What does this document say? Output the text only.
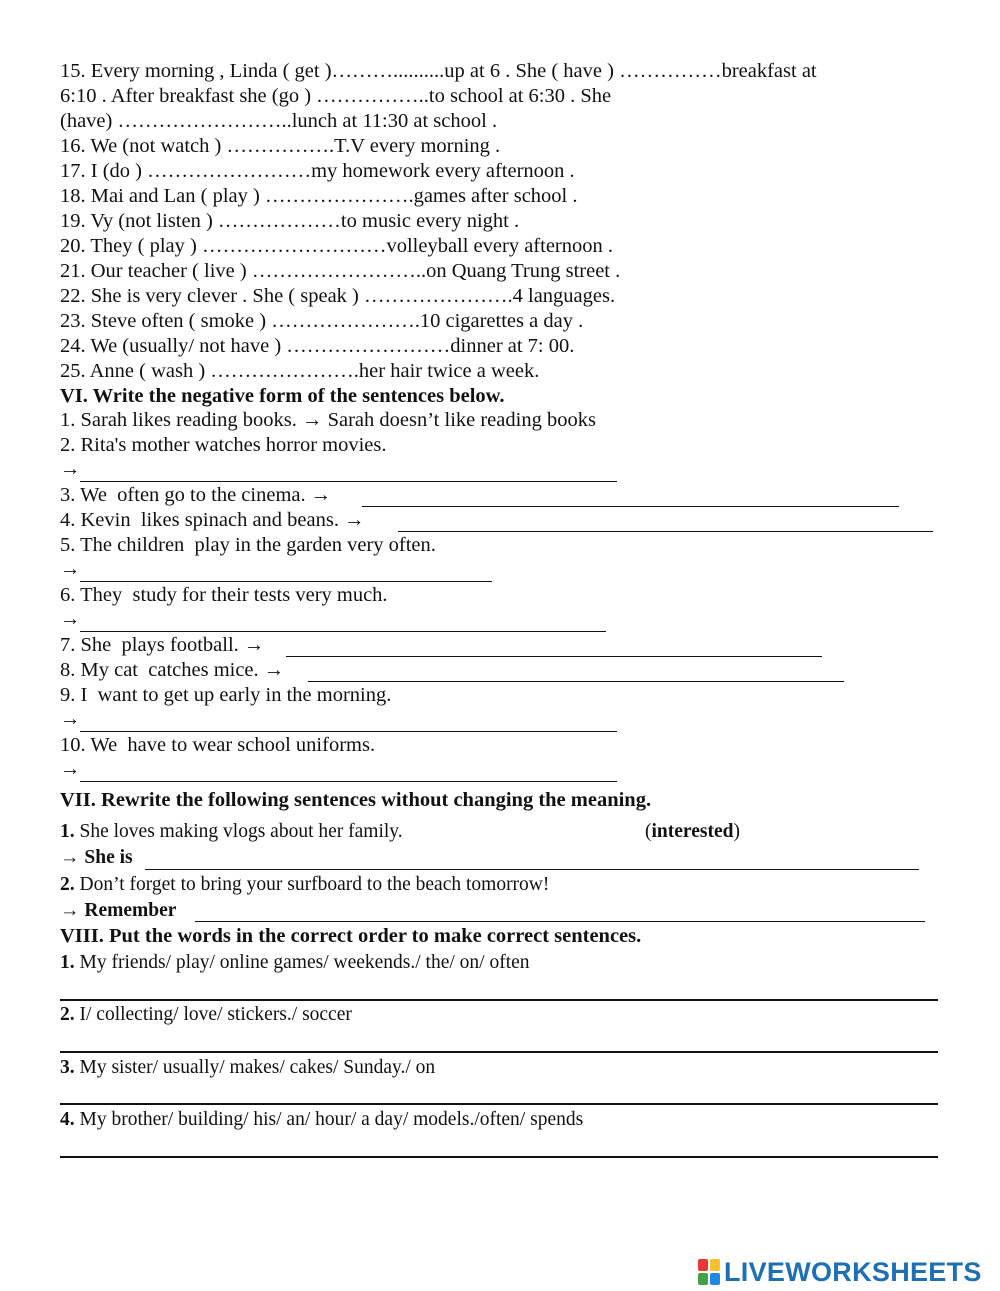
15. Every morning , Linda ( get )………..........up at 6 . She ( have ) ……………breakfast at
6:10 . After breakfast she (go ) ……………..to school at 6:30 . She
(have) ……………………..lunch at 11:30 at school .
16. We (not watch ) …………….T.V every morning .
17. I (do ) ……………………my homework every afternoon .
18. Mai and Lan ( play ) ………………….games after school .
19. Vy (not listen ) ………………to music every night .
20. They ( play ) ………………………volleyball every afternoon .
21. Our teacher ( live ) ……………………..on Quang Trung street .
22. She is very clever . She ( speak ) ………………….4 languages.
23. Steve often ( smoke ) ………………….10 cigarettes a day .
24. We (usually/ not have ) ……………………dinner at 7: 00.
25. Anne ( wash ) ………………….her hair twice a week.
VI. Write the negative form of the sentences below.
1. Sarah likes reading books. → Sarah doesn’t like reading books
2. Rita's mother watches horror movies.
→
3. We  often go to the cinema. →
4. Kevin  likes spinach and beans. →
5. The children  play in the garden very often.
→
6. They  study for their tests very much.
→
7. She  plays football. →
8. My cat  catches mice. →
9. I  want to get up early in the morning.
→
10. We  have to wear school uniforms.
→
VII. Rewrite the following sentences without changing the meaning.
1. She loves making vlogs about her family.	(interested)
→ She is
2. Don’t forget to bring your surfboard to the beach tomorrow!
→ Remember
VIII. Put the words in the correct order to make correct sentences.
1. My friends/ play/ online games/ weekends./ the/ on/ often
2. I/ collecting/ love/ stickers./ soccer
3. My sister/ usually/ makes/ cakes/ Sunday./ on
4. My brother/ building/ his/ an/ hour/ a day/ models./often/ spends
LIVEWORKSHEETS
